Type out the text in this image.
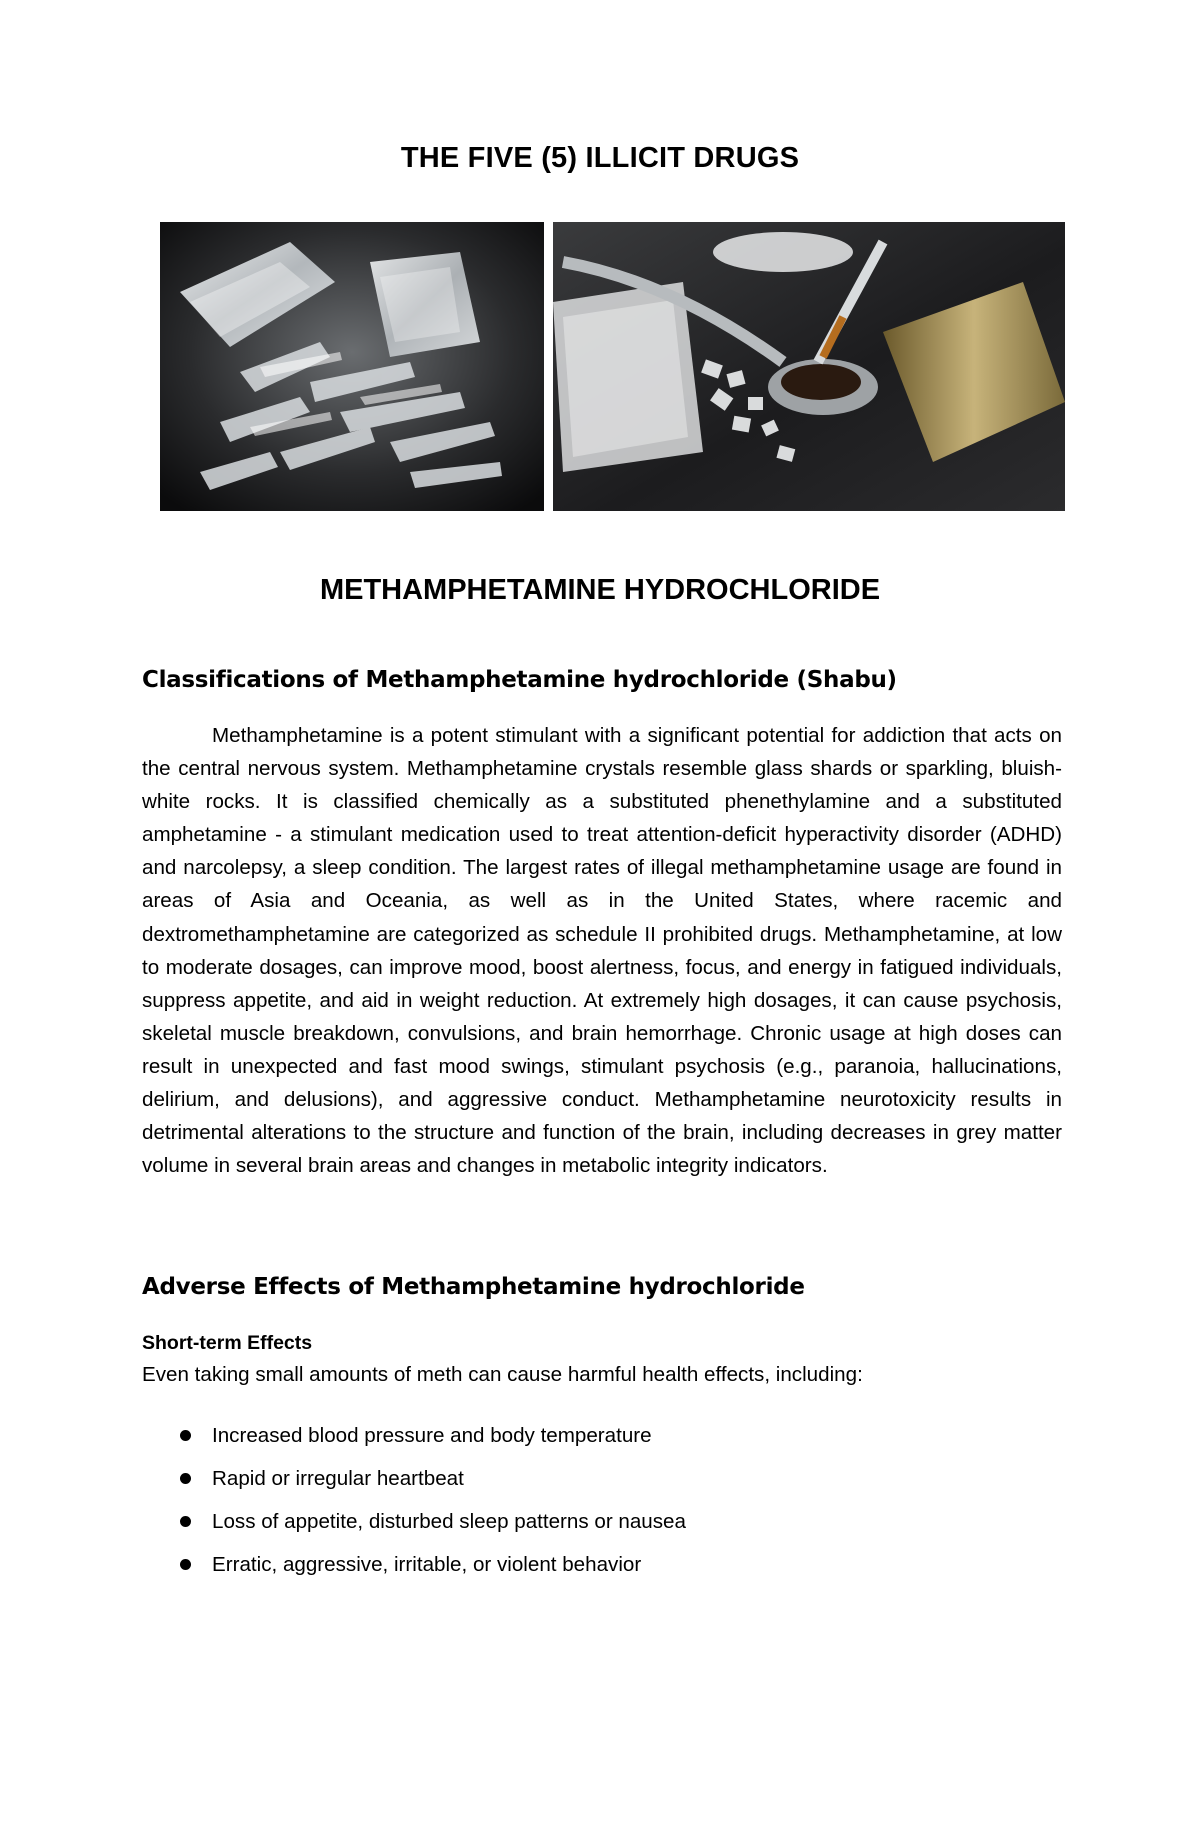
THE FIVE (5) ILLICIT DRUGS
METHAMPHETAMINE HYDROCHLORIDE
Classifications of Methamphetamine hydrochloride (Shabu)

Methamphetamine is a potent stimulant with a significant potential for addiction that acts on the central nervous system. Methamphetamine crystals resemble glass shards or sparkling, bluish-white rocks. It is classified chemically as a substituted phenethylamine and a substituted amphetamine - a stimulant medication used to treat attention-deficit hyperactivity disorder (ADHD) and narcolepsy, a sleep condition. The largest rates of illegal methamphetamine usage are found in areas of Asia and Oceania, as well as in the United States, where racemic and dextromethamphetamine are categorized as schedule II prohibited drugs. Methamphetamine, at low to moderate dosages, can improve mood, boost alertness, focus, and energy in fatigued individuals, suppress appetite, and aid in weight reduction. At extremely high dosages, it can cause psychosis, skeletal muscle breakdown, convulsions, and brain hemorrhage. Chronic usage at high doses can result in unexpected and fast mood swings, stimulant psychosis (e.g., paranoia, hallucinations, delirium, and delusions), and aggressive conduct. Methamphetamine neurotoxicity results in detrimental alterations to the structure and function of the brain, including decreases in grey matter volume in several brain areas and changes in metabolic integrity indicators.

Adverse Effects of Methamphetamine hydrochloride
Short-term Effects
Even taking small amounts of meth can cause harmful health effects, including:
Increased blood pressure and body temperature
Rapid or irregular heartbeat
Loss of appetite, disturbed sleep patterns or nausea
Erratic, aggressive, irritable, or violent behavior
